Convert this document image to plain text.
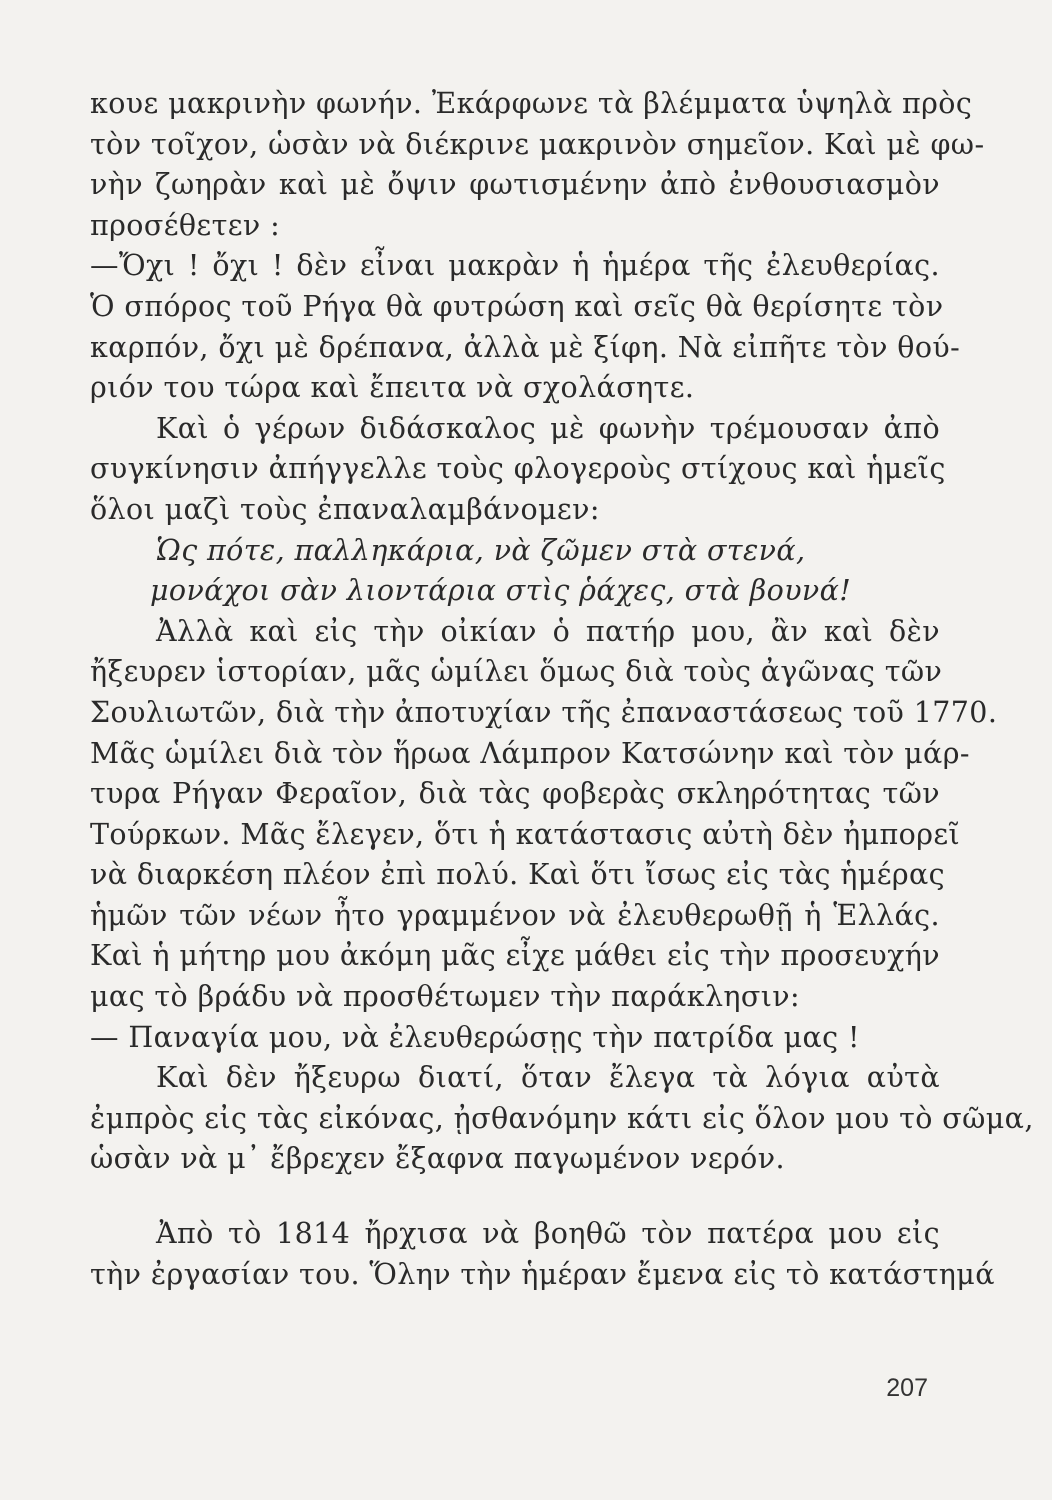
κουε μακρινὴν φωνήν. Ἐκάρφωνε τὰ βλέμματα ὑψηλὰ πρὸς
τὸν τοῖχον, ὡσὰν νὰ διέκρινε μακρινὸν σημεῖον. Καὶ μὲ φω-
νὴν ζωηρὰν καὶ μὲ ὄψιν φωτισμένην ἀπὸ ἐνθουσιασμὸν
προσέθετεν :
—Ὄχι ! ὄχι ! δὲν εἶναι μακρὰν ἡ ἡμέρα τῆς ἐλευθερίας.
Ὁ σπόρος τοῦ Ρήγα θὰ φυτρώση καὶ σεῖς θὰ θερίσητε τὸν
καρπόν, ὄχι μὲ δρέπανα, ἀλλὰ μὲ ξίφη. Νὰ εἰπῆτε τὸν θού-
ριόν του τώρα καὶ ἔπειτα νὰ σχολάσητε.
Καὶ ὁ γέρων διδάσκαλος μὲ φωνὴν τρέμουσαν ἀπὸ
συγκίνησιν ἀπήγγελλε τοὺς φλογεροὺς στίχους καὶ ἡμεῖς
ὅλοι μαζὶ τοὺς ἐπαναλαμβάνομεν:
Ὡς πότε, παλληκάρια, νὰ ζῶμεν στὰ στενά,
μονάχοι σὰν λιοντάρια στὶς ῥάχες, στὰ βουνά!
Ἀλλὰ καὶ εἰς τὴν οἰκίαν ὁ πατήρ μου, ἂν καὶ δὲν
ἤξευρεν ἱστορίαν, μᾶς ὡμίλει ὅμως διὰ τοὺς ἀγῶνας τῶν
Σουλιωτῶν, διὰ τὴν ἀποτυχίαν τῆς ἐπαναστάσεως τοῦ 1770.
Μᾶς ὡμίλει διὰ τὸν ἥρωα Λάμπρον Κατσώνην καὶ τὸν μάρ-
τυρα Ρήγαν Φεραῖον, διὰ τὰς φοβερὰς σκληρότητας τῶν
Τούρκων. Μᾶς ἔλεγεν, ὅτι ἡ κατάστασις αὐτὴ δὲν ἠμπορεῖ
νὰ διαρκέση πλέον ἐπὶ πολύ. Καὶ ὅτι ἴσως εἰς τὰς ἡμέρας
ἡμῶν τῶν νέων ἦτο γραμμένον νὰ ἐλευθερωθῇ ἡ Ἑλλάς.
Καὶ ἡ μήτηρ μου ἀκόμη μᾶς εἶχε μάθει εἰς τὴν προσευχήν
μας τὸ βράδυ νὰ προσθέτωμεν τὴν παράκλησιν:
— Παναγία μου, νὰ ἐλευθερώσῃς τὴν πατρίδα μας !
Καὶ δὲν ἤξευρω διατί, ὅταν ἔλεγα τὰ λόγια αὐτὰ
ἐμπρὸς εἰς τὰς εἰκόνας, ᾐσθανόμην κάτι εἰς ὅλον μου τὸ σῶμα,
ὡσὰν νὰ μ᾽ ἔβρεχεν ἔξαφνα παγωμένον νερόν.
Ἀπὸ τὸ 1814 ἤρχισα νὰ βοηθῶ τὸν πατέρα μου εἰς
τὴν ἐργασίαν του. Ὅλην τὴν ἡμέραν ἔμενα εἰς τὸ κατάστημά
207
